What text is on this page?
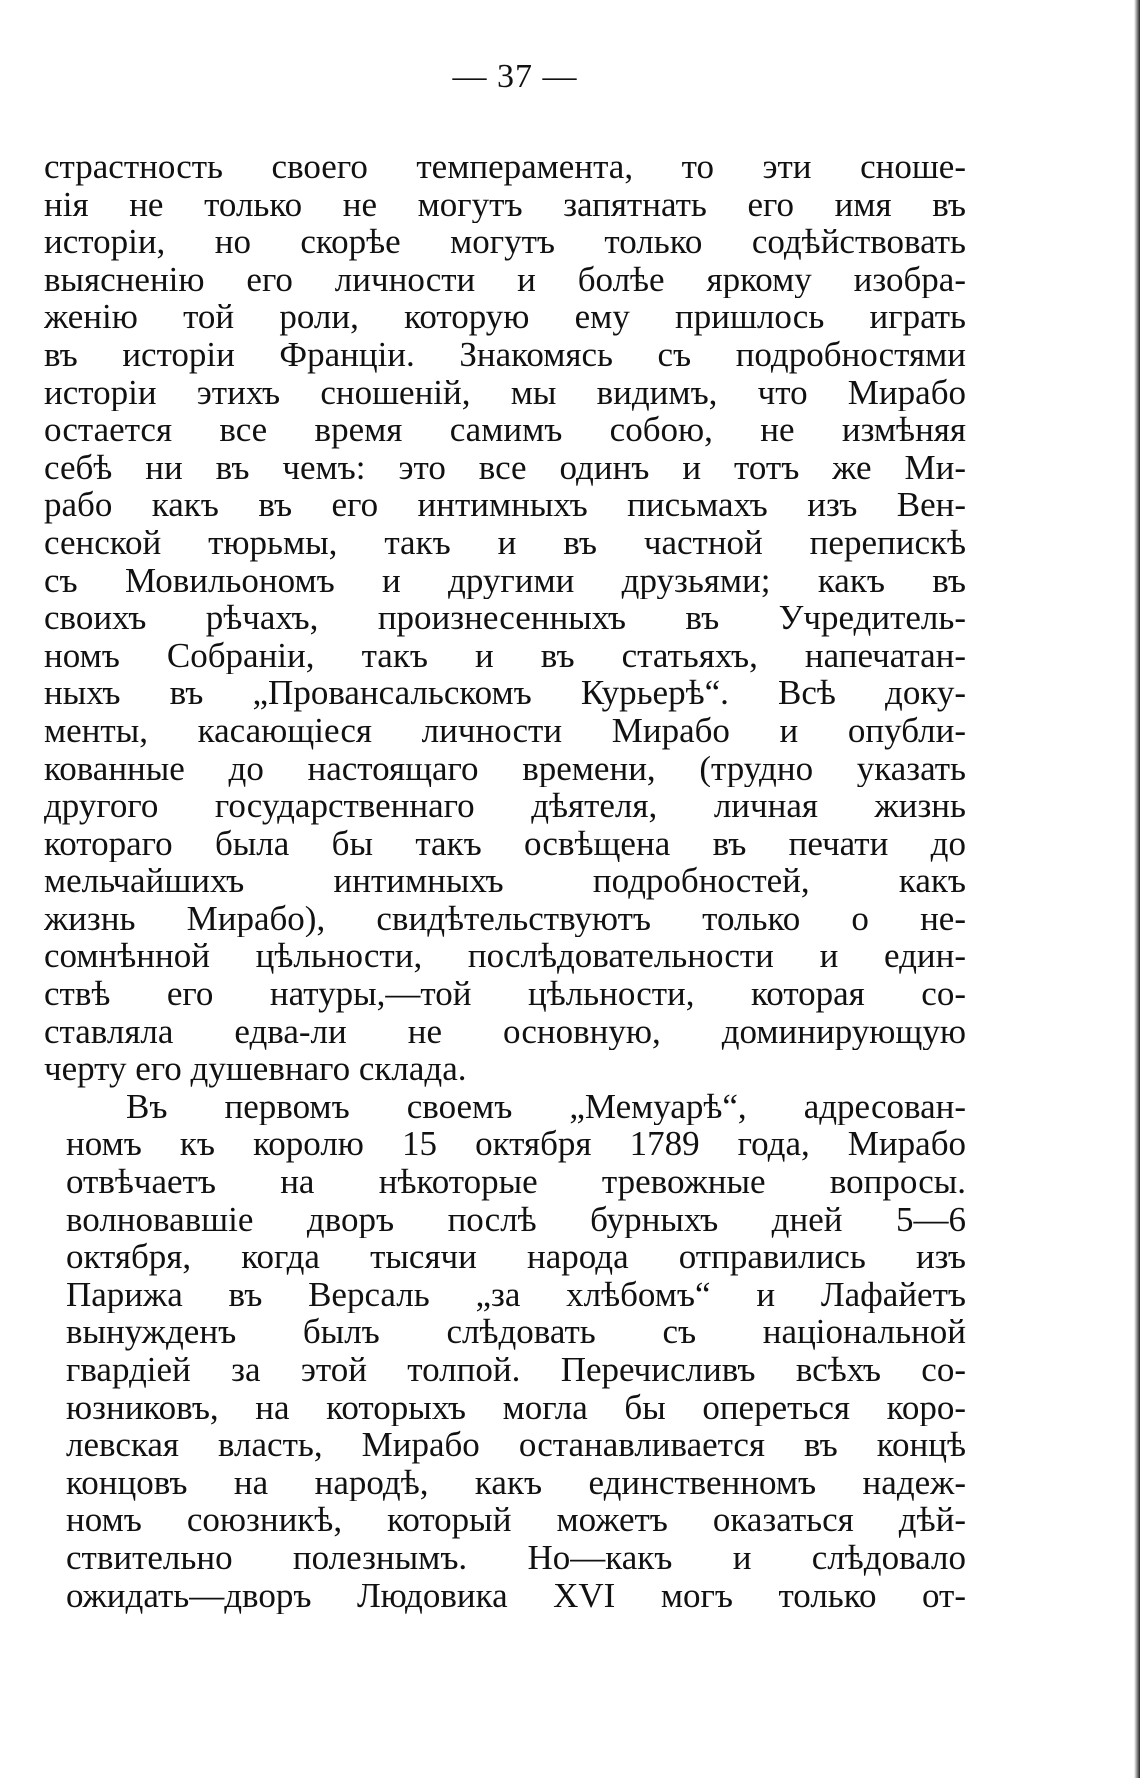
— 37 —
страстность своего темперамента, то эти сноше-
нія не только не могутъ запятнать его имя въ
исторіи, но скорѣе могутъ только содѣйствовать
выясненію его личности и болѣе яркому изобра-
женію той роли, которую ему пришлось играть
въ исторіи Франціи. Знакомясь съ подробностями
исторіи этихъ сношеній, мы видимъ, что Мирабо
остается все время самимъ собою, не измѣняя
себѣ ни въ чемъ: это все одинъ и тотъ же Ми-
рабо какъ въ его интимныхъ письмахъ изъ Вен-
сенской тюрьмы, такъ и въ частной перепискѣ
съ Мовильономъ и другими друзьями; какъ въ
своихъ рѣчахъ, произнесенныхъ въ Учредитель-
номъ Собраніи, такъ и въ статьяхъ, напечатан-
ныхъ въ „Провансальскомъ Курьерѣ“. Всѣ доку-
менты, касающіеся личности Мирабо и опубли-
кованные до настоящаго времени, (трудно указать
другого государственнаго дѣятеля, личная жизнь
котораго была бы такъ освѣщена въ печати до
мельчайшихъ интимныхъ подробностей, какъ
жизнь Мирабо), свидѣтельствуютъ только о не-
сомнѣнной цѣльности, послѣдовательности и един-
ствѣ его натуры,—той цѣльности, которая со-
ставляла едва-ли не основную, доминирующую
черту его душевнаго склада.
Въ первомъ своемъ „Мемуарѣ“, адресован-
номъ къ королю 15 октября 1789 года, Мирабо
отвѣчаетъ на нѣкоторые тревожные вопросы.
волновавшіе дворъ послѣ бурныхъ дней 5—6
октября, когда тысячи народа отправились изъ
Парижа въ Версаль „за хлѣбомъ“ и Лафайетъ
вынужденъ былъ слѣдовать съ національной
гвардіей за этой толпой. Перечисливъ всѣхъ со-
юзниковъ, на которыхъ могла бы опереться коро-
левская власть, Мирабо останавливается въ концѣ
концовъ на народѣ, какъ единственномъ надеж-
номъ союзникѣ, который можетъ оказаться дѣй-
ствительно полезнымъ. Но—какъ и слѣдовало
ожидать—дворъ Людовика XVI могъ только от-
